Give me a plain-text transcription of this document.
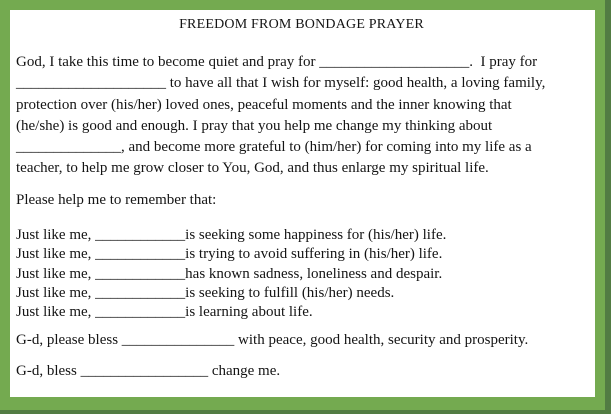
FREEDOM FROM BONDAGE PRAYER
God, I take this time to become quiet and pray for ____________________.  I pray for
____________________ to have all that I wish for myself: good health, a loving family,
protection over (his/her) loved ones, peaceful moments and the inner knowing that
(he/she) is good and enough. I pray that you help me change my thinking about
______________, and become more grateful to (him/her) for coming into my life as a
teacher, to help me grow closer to You, God, and thus enlarge my spiritual life.
Please help me to remember that:
Just like me, ____________is seeking some happiness for (his/her) life.
Just like me, ____________is trying to avoid suffering in (his/her) life.
Just like me, ____________has known sadness, loneliness and despair.
Just like me, ____________is seeking to fulfill (his/her) needs.
Just like me, ____________is learning about life.
G-d, please bless _______________ with peace, good health, security and prosperity.
G-d, bless _________________ change me.
